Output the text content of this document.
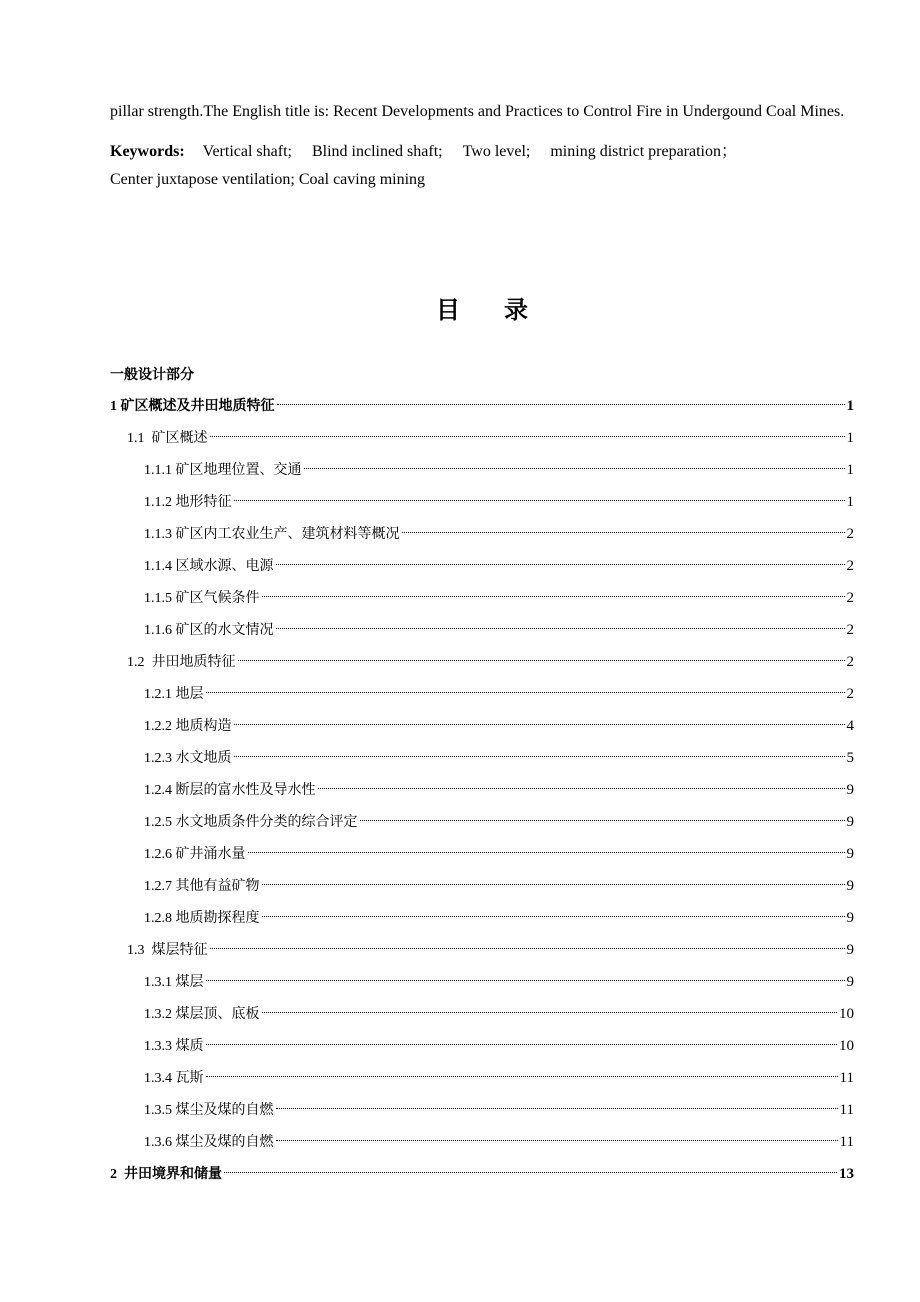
pillar strength.The English title is: Recent Developments and Practices to Control Fire in Undergound Coal Mines.

Keywords: Vertical shaft; Blind inclined shaft; Two level; mining district preparation；
Center juxtapose ventilation; Coal caving mining

目录
一般设计部分
1 矿区概述及井田地质特征	1
1.1  矿区概述	1
1.1.1 矿区地理位置、交通	1
1.1.2 地形特征	1
1.1.3 矿区内工农业生产、建筑材料等概况	2
1.1.4 区域水源、电源	2
1.1.5 矿区气候条件	2
1.1.6 矿区的水文情况	2
1.2  井田地质特征	2
1.2.1 地层	2
1.2.2 地质构造	4
1.2.3 水文地质	5
1.2.4 断层的富水性及导水性	9
1.2.5 水文地质条件分类的综合评定	9
1.2.6 矿井涌水量	9
1.2.7 其他有益矿物	9
1.2.8 地质勘探程度	9
1.3  煤层特征	9
1.3.1 煤层	9
1.3.2 煤层顶、底板	10
1.3.3 煤质	10
1.3.4 瓦斯	11
1.3.5 煤尘及煤的自燃	11
1.3.6 煤尘及煤的自燃	11
2  井田境界和储量	13
